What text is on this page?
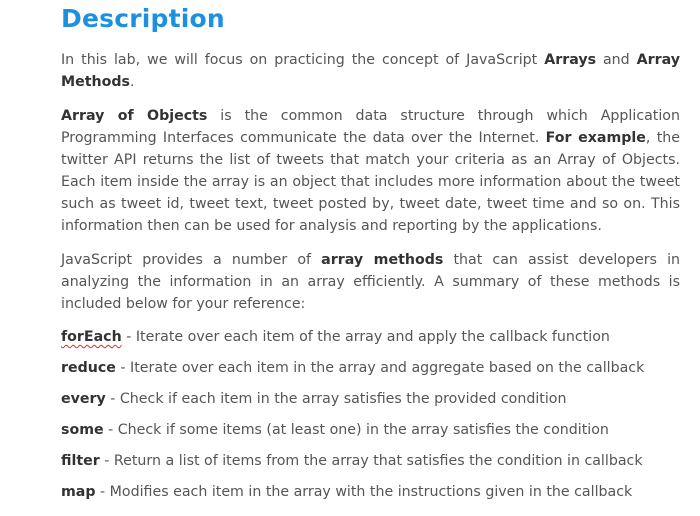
Description

In this lab, we will focus on practicing the concept of JavaScript Arrays and Array Methods.

Array of Objects is the common data structure through which Application Programming Interfaces communicate the data over the Internet. For example, the twitter API returns the list of tweets that match your criteria as an Array of Objects. Each item inside the array is an object that includes more information about the tweet such as tweet id, tweet text, tweet posted by, tweet date, tweet time and so on. This information then can be used for analysis and reporting by the applications.

JavaScript provides a number of array methods that can assist developers in analyzing the information in an array efficiently. A summary of these methods is included below for your reference:

forEach - Iterate over each item of the array and apply the callback function
reduce - Iterate over each item in the array and aggregate based on the callback
every - Check if each item in the array satisfies the provided condition
some - Check if some items (at least one) in the array satisfies the condition
filter - Return a list of items from the array that satisfies the condition in callback
map - Modifies each item in the array with the instructions given in the callback
